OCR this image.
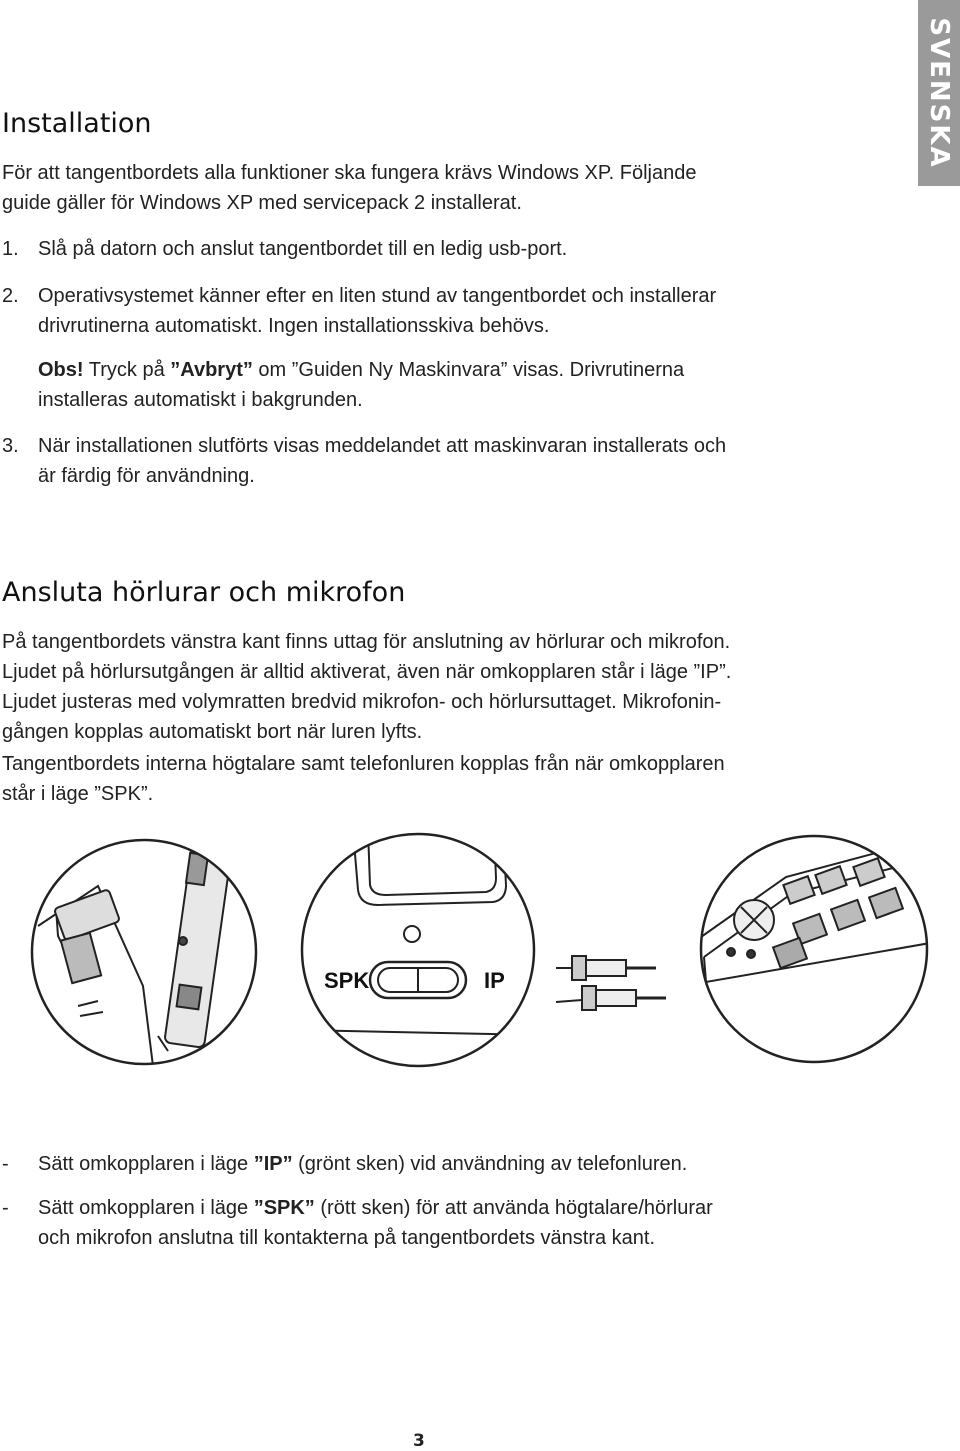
SVENSKA
Installation

För att tangentbordets alla funktioner ska fungera krävs Windows XP. Följande

guide gäller för Windows XP med servicepack 2 installerat.

1. Slå på datorn och anslut tangentbordet till en ledig usb-port.

2. Operativsystemet känner efter en liten stund av tangentbordet och installerar

drivrutinerna automatiskt. Ingen installationsskiva behövs.

Obs! Tryck på ”Avbryt” om ”Guiden Ny Maskinvara” visas. Drivrutinerna

installeras automatiskt i bakgrunden.

3. När installationen slutförts visas meddelandet att maskinvaran installerats och

är färdig för användning.

Ansluta hörlurar och mikrofon

På tangentbordets vänstra kant finns uttag för anslutning av hörlurar och mikrofon.

Ljudet på hörlursutgången är alltid aktiverat, även när omkopplaren står i läge ”IP”.

Ljudet justeras med volymratten bredvid mikrofon- och hörlursuttaget. Mikrofonin-

gången kopplas automatiskt bort när luren lyfts.

Tangentbordets interna högtalare samt telefonluren kopplas från när omkopplaren

står i läge ”SPK”.

SPK	IP
- Sätt omkopplaren i läge ”IP” (grönt sken) vid användning av telefonluren.

- Sätt omkopplaren i läge ”SPK” (rött sken) för att använda högtalare/hörlurar

och mikrofon anslutna till kontakterna på tangentbordets vänstra kant.

3
